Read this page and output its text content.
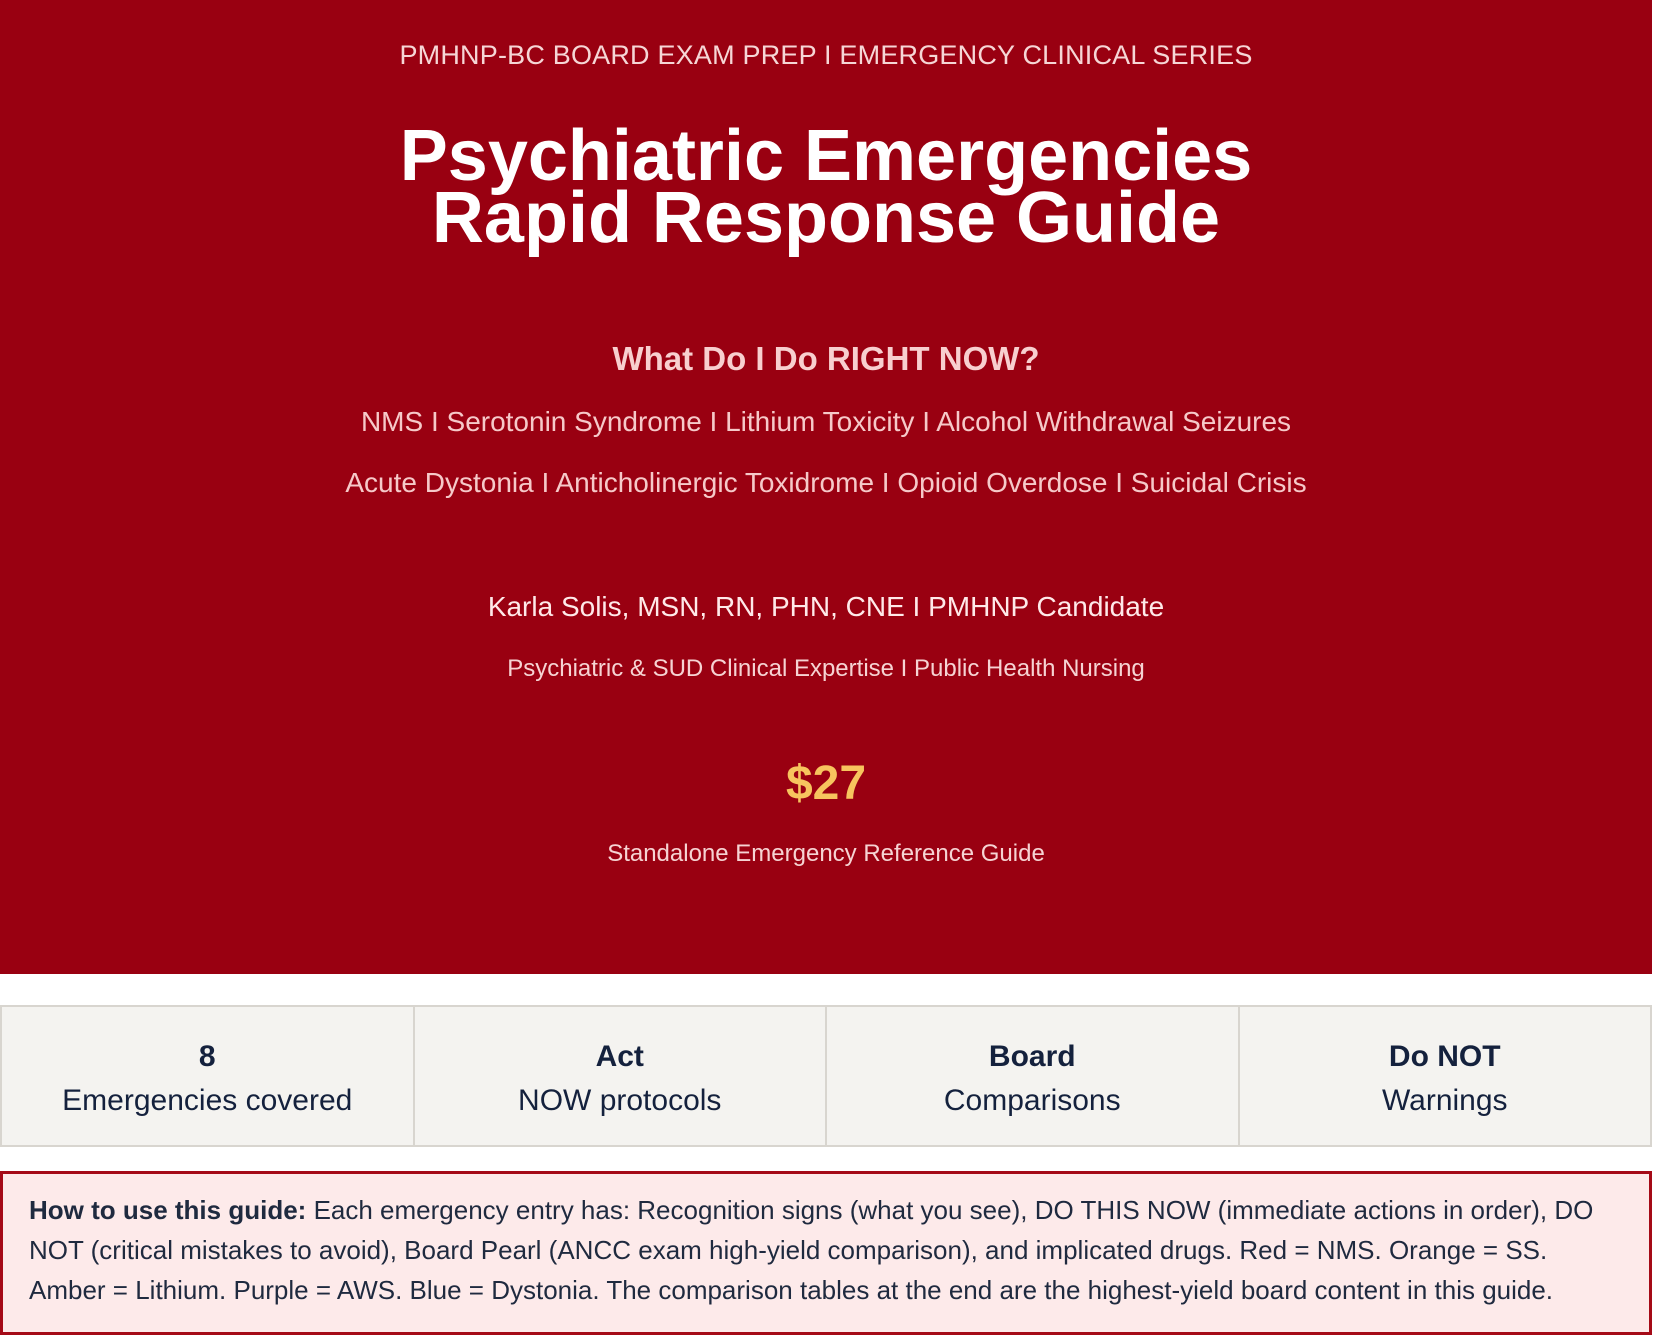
PMHNP-BC BOARD EXAM PREP I EMERGENCY CLINICAL SERIES
Psychiatric Emergencies
Rapid Response Guide
What Do I Do RIGHT NOW?
NMS I Serotonin Syndrome I Lithium Toxicity I Alcohol Withdrawal Seizures
Acute Dystonia I Anticholinergic Toxidrome I Opioid Overdose I Suicidal Crisis
Karla Solis, MSN, RN, PHN, CNE I PMHNP Candidate
Psychiatric & SUD Clinical Expertise I Public Health Nursing
$27
Standalone Emergency Reference Guide
8
Emergencies covered
Act
NOW protocols
Board
Comparisons
Do NOT
Warnings
How to use this guide: Each emergency entry has: Recognition signs (what you see), DO THIS NOW (immediate actions in order), DO NOT (critical mistakes to avoid), Board Pearl (ANCC exam high-yield comparison), and implicated drugs. Red = NMS. Orange = SS. Amber = Lithium. Purple = AWS. Blue = Dystonia. The comparison tables at the end are the highest-yield board content in this guide.
